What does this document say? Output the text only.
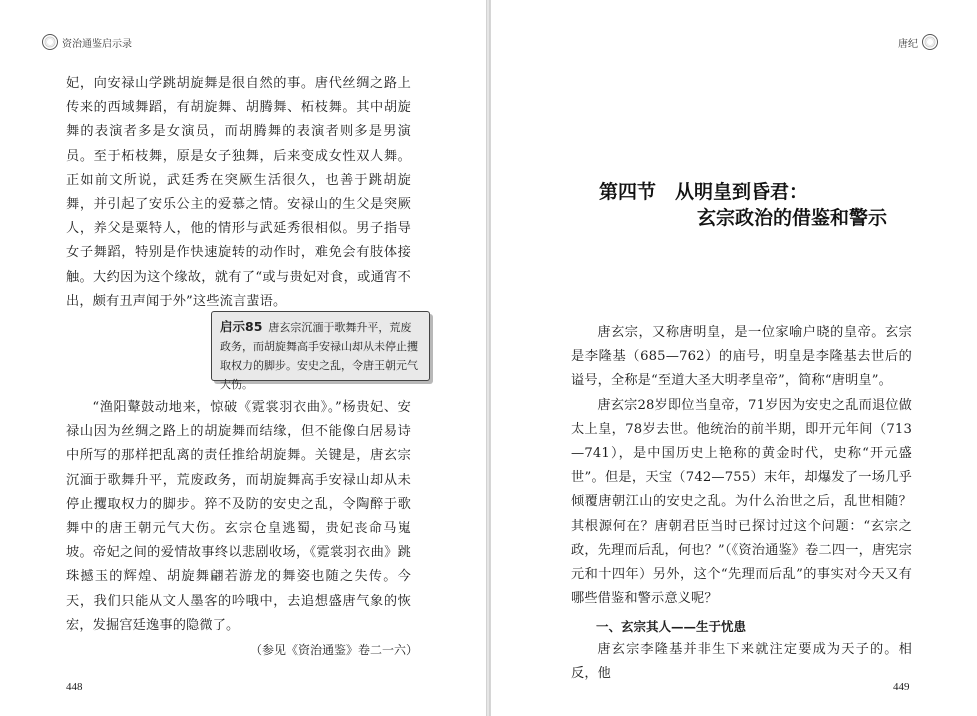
资治通鉴启示录

妃，向安禄山学跳胡旋舞是很自然的事。唐代丝绸之路上传来的西域舞蹈，有胡旋舞、胡腾舞、柘枝舞。其中胡旋舞的表演者多是女演员，而胡腾舞的表演者则多是男演员。至于柘枝舞，原是女子独舞，后来变成女性双人舞。正如前文所说，武廷秀在突厥生活很久，也善于跳胡旋舞，并引起了安乐公主的爱慕之情。安禄山的生父是突厥人，养父是粟特人，他的情形与武延秀很相似。男子指导女子舞蹈，特别是作快速旋转的动作时，难免会有肢体接触。大约因为这个缘故，就有了“或与贵妃对食，或通宵不出，颇有丑声闻于外”这些流言蜚语。

启示85 唐玄宗沉湎于歌舞升平，荒废政务，而胡旋舞高手安禄山却从未停止攫取权力的脚步。安史之乱，令唐王朝元气大伤。

“渔阳鼙鼓动地来，惊破《霓裳羽衣曲》。”杨贵妃、安禄山因为丝绸之路上的胡旋舞而结缘，但不能像白居易诗中所写的那样把乱离的责任推给胡旋舞。关键是，唐玄宗沉湎于歌舞升平，荒废政务，而胡旋舞高手安禄山却从未停止攫取权力的脚步。猝不及防的安史之乱，令陶醉于歌舞中的唐王朝元气大伤。玄宗仓皇逃蜀，贵妃丧命马嵬坡。帝妃之间的爱情故事终以悲剧收场，《霓裳羽衣曲》跳珠撼玉的辉煌、胡旋舞翩若游龙的舞姿也随之失传。今天，我们只能从文人墨客的吟哦中，去追想盛唐气象的恢宏，发掘宫廷逸事的隐微了。

（参见《资治通鉴》卷二一六）
448
唐纪
第四节　从明皇到昏君：
玄宗政治的借鉴和警示

唐玄宗，又称唐明皇，是一位家喻户晓的皇帝。玄宗是李隆基（685—762）的庙号，明皇是李隆基去世后的谥号，全称是“至道大圣大明孝皇帝”，简称“唐明皇”。

唐玄宗28岁即位当皇帝，71岁因为安史之乱而退位做太上皇，78岁去世。他统治的前半期，即开元年间（713—741），是中国历史上艳称的黄金时代，史称“开元盛世”。但是，天宝（742—755）末年，却爆发了一场几乎倾覆唐朝江山的安史之乱。为什么治世之后，乱世相随？其根源何在？唐朝君臣当时已探讨过这个问题：“玄宗之政，先理而后乱，何也？”（《资治通鉴》卷二四一，唐宪宗元和十四年）另外，这个“先理而后乱”的事实对今天又有哪些借鉴和警示意义呢？

一、玄宗其人——生于忧患

唐玄宗李隆基并非生下来就注定要成为天子的。相反，他

449
